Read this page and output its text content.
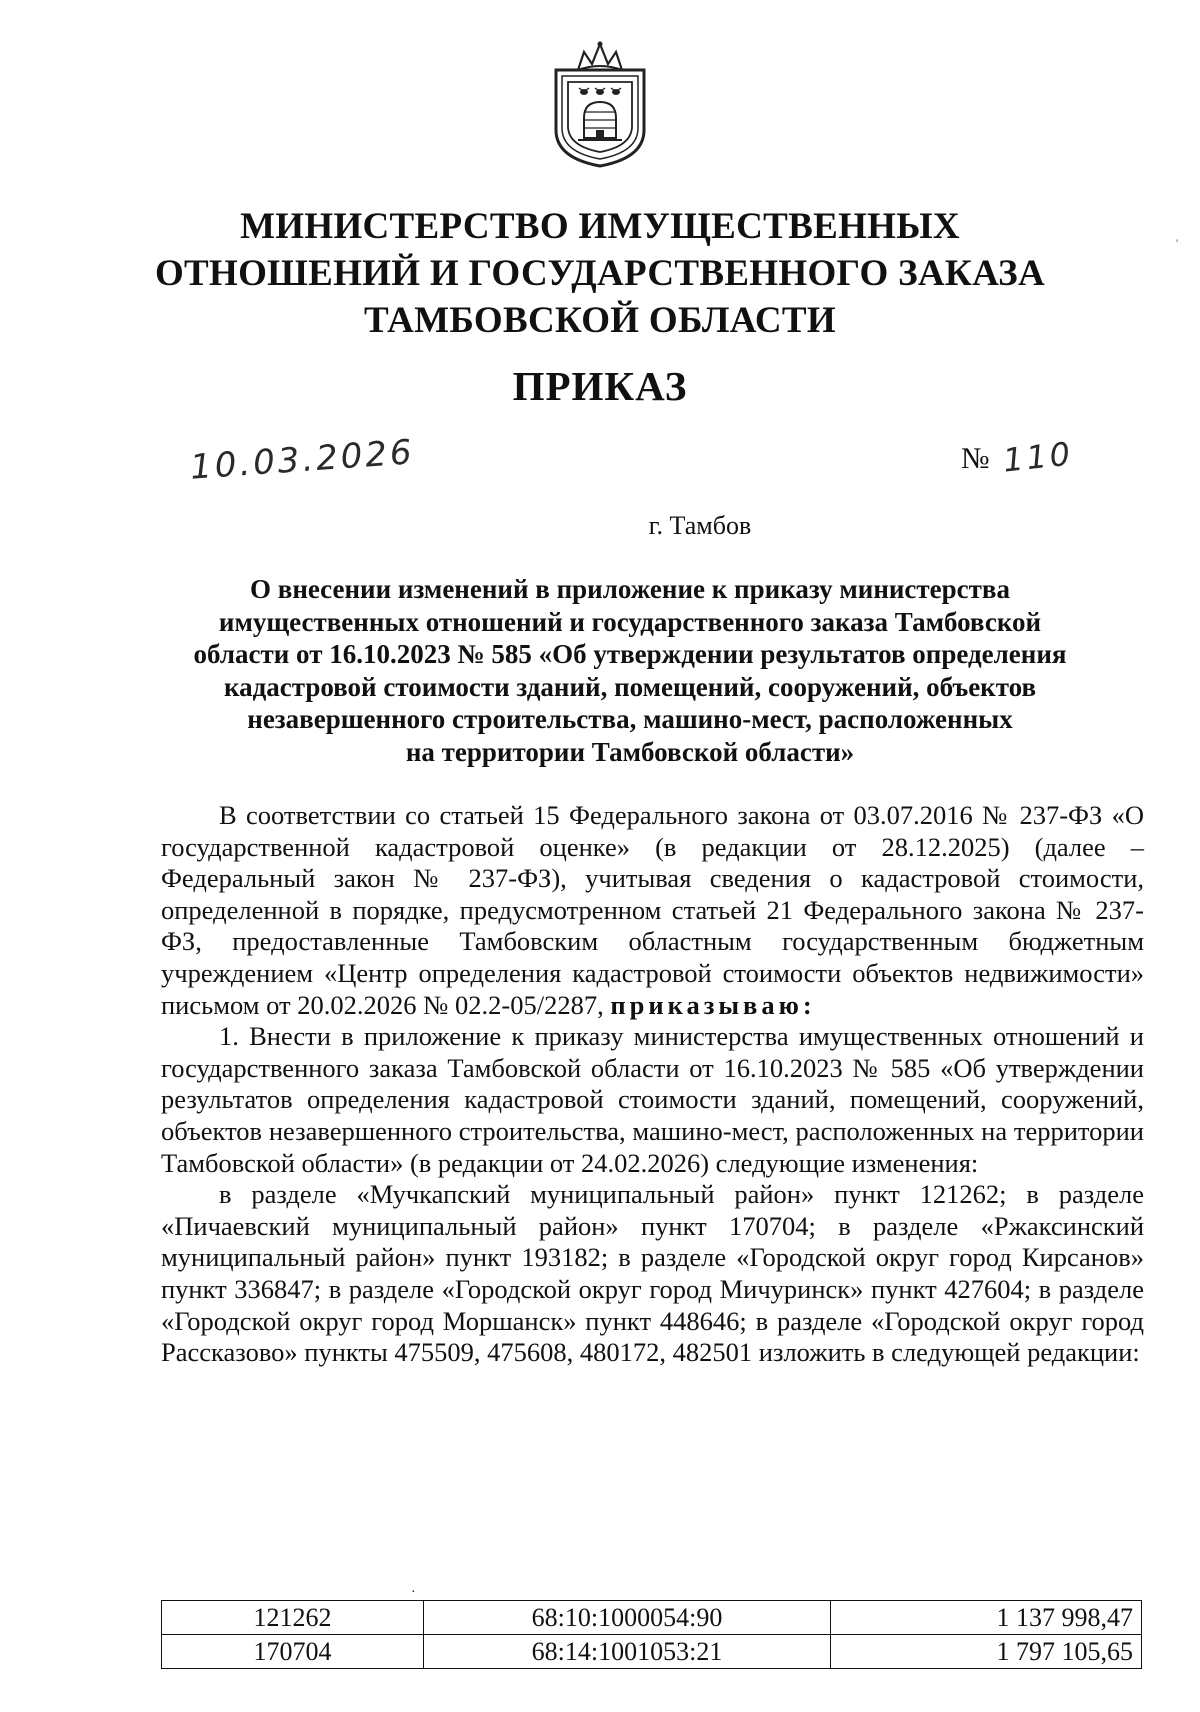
МИНИСТЕРСТВО ИМУЩЕСТВЕННЫХ
ОТНОШЕНИЙ И ГОСУДАРСТВЕННОГО ЗАКАЗА
ТАМБОВСКОЙ ОБЛАСТИ
ПРИКАЗ
10.03.2026	№ 110
г. Тамбов
О внесении изменений в приложение к приказу министерства
имущественных отношений и государственного заказа Тамбовской
области от 16.10.2023 № 585 «Об утверждении результатов определения
кадастровой стоимости зданий, помещений, сооружений, объектов
незавершенного строительства, машино-мест, расположенных
на территории Тамбовской области»

В соответствии со статьей 15 Федерального закона от 03.07.2016 № 237-ФЗ «О государственной кадастровой оценке» (в редакции от 28.12.2025) (далее – Федеральный закон № 237-ФЗ), учитывая сведения о кадастровой стоимости, определенной в порядке, предусмотренном статьей 21 Федерального закона № 237-ФЗ, предоставленные Тамбовским областным государственным бюджетным учреждением «Центр определения кадастровой стоимости объектов недвижимости» письмом от 20.02.2026 № 02.2-05/2287, приказываю:

1. Внести в приложение к приказу министерства имущественных отношений и государственного заказа Тамбовской области от 16.10.2023 № 585 «Об утверждении результатов определения кадастровой стоимости зданий, помещений, сооружений, объектов незавершенного строительства, машино-мест, расположенных на территории Тамбовской области» (в редакции от 24.02.2026) следующие изменения:

в разделе «Мучкапский муниципальный район» пункт 121262; в разделе «Пичаевский муниципальный район» пункт 170704; в разделе «Ржаксинский муниципальный район» пункт 193182; в разделе «Городской округ город Кирсанов» пункт 336847; в разделе «Городской округ город Мичуринск» пункт 427604; в разделе «Городской округ город Моршанск» пункт 448646; в разделе «Городской округ город Рассказово» пункты 475509, 475608, 480172, 482501 изложить в следующей редакции:

·
'
121262	68:10:1000054:90	1 137 998,47
170704	68:14:1001053:21	1 797 105,65
